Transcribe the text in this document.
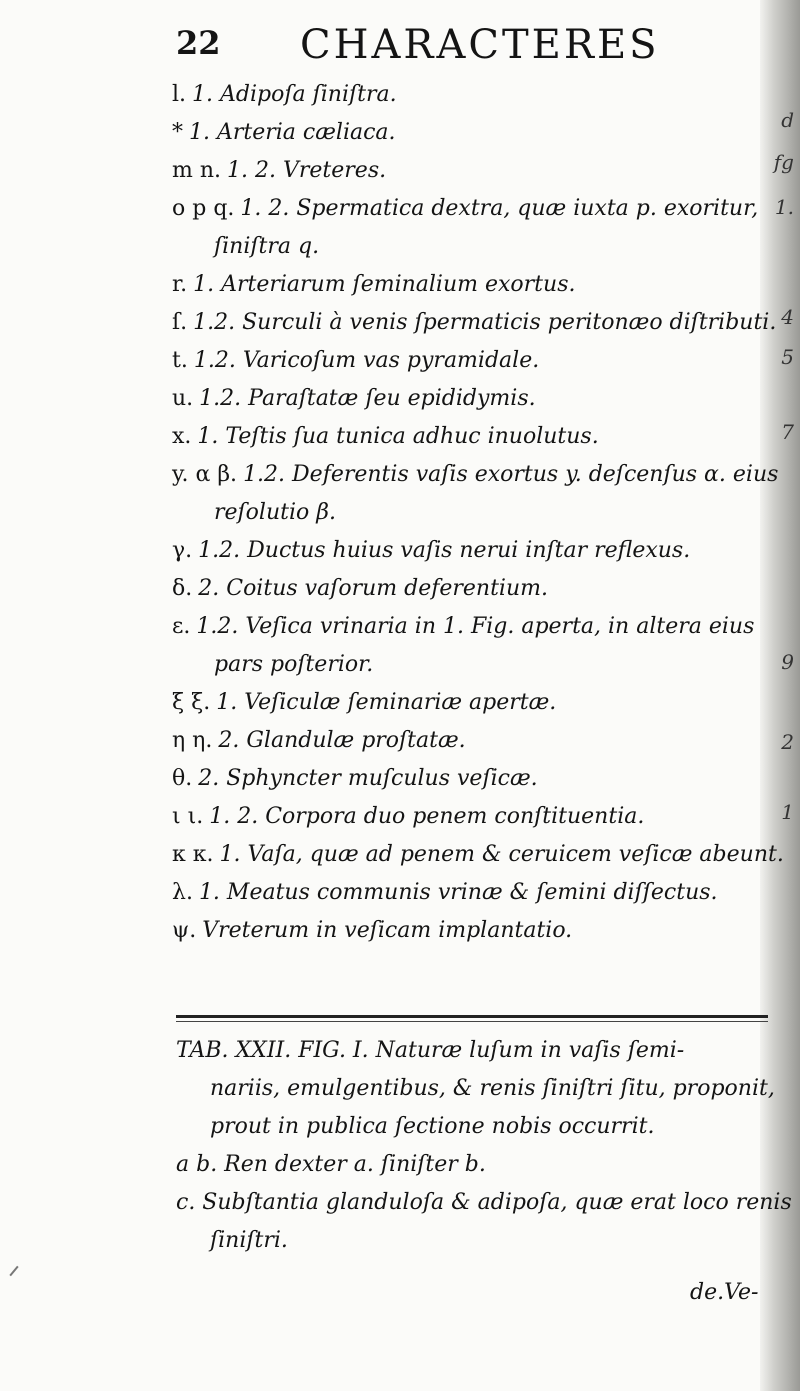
d
fg
1.
4
5
7
9
2
1
22 CHARACTERES

l. 1. Adipoſa ſiniſtra.

* 1. Arteria cæliaca.

m n. 1. 2. Vreteres.

o p q. 1. 2. Spermatica dextra, quæ iuxta p. exoritur,
ſiniſtra q.

r. 1. Arteriarum ſeminalium exortus.

ſ. 1.2. Surculi à venis ſpermaticis peritonæo diſtributi.

t. 1.2. Varicoſum vas pyramidale.

u. 1.2. Paraſtatæ ſeu epididymis.

x. 1. Teſtis ſua tunica adhuc inuolutus.

y. α β. 1.2. Deferentis vaſis exortus y. deſcenſus α. eius
reſolutio β.

γ. 1.2. Ductus huius vaſis nerui inſtar reflexus.

δ. 2. Coitus vaſorum deferentium.

ε. 1.2. Veſica vrinaria in 1. Fig. aperta, in altera eius
pars poſterior.

ξ ξ. 1. Veſiculæ ſeminariæ apertæ.

η η. 2. Glandulæ proſtatæ.

θ. 2. Sphyncter muſculus veſicæ.

ι ι. 1. 2. Corpora duo penem conſtituentia.

κ κ. 1. Vaſa, quæ ad penem & ceruicem veſicæ abeunt.

λ. 1. Meatus communis vrinæ & ſemini diſſectus.

ψ. Vreterum in veſicam implantatio.

TAB. XXII. FIG. I. Naturæ luſum in vaſis ſemi-

nariis, emulgentibus, & renis ſiniſtri ſitu, proponit,

prout in publica ſectione nobis occurrit.

a b. Ren dexter a. ſiniſter b.

c. Subſtantia glanduloſa & adipoſa, quæ erat loco renis

ſiniſtri.

de.Ve-
